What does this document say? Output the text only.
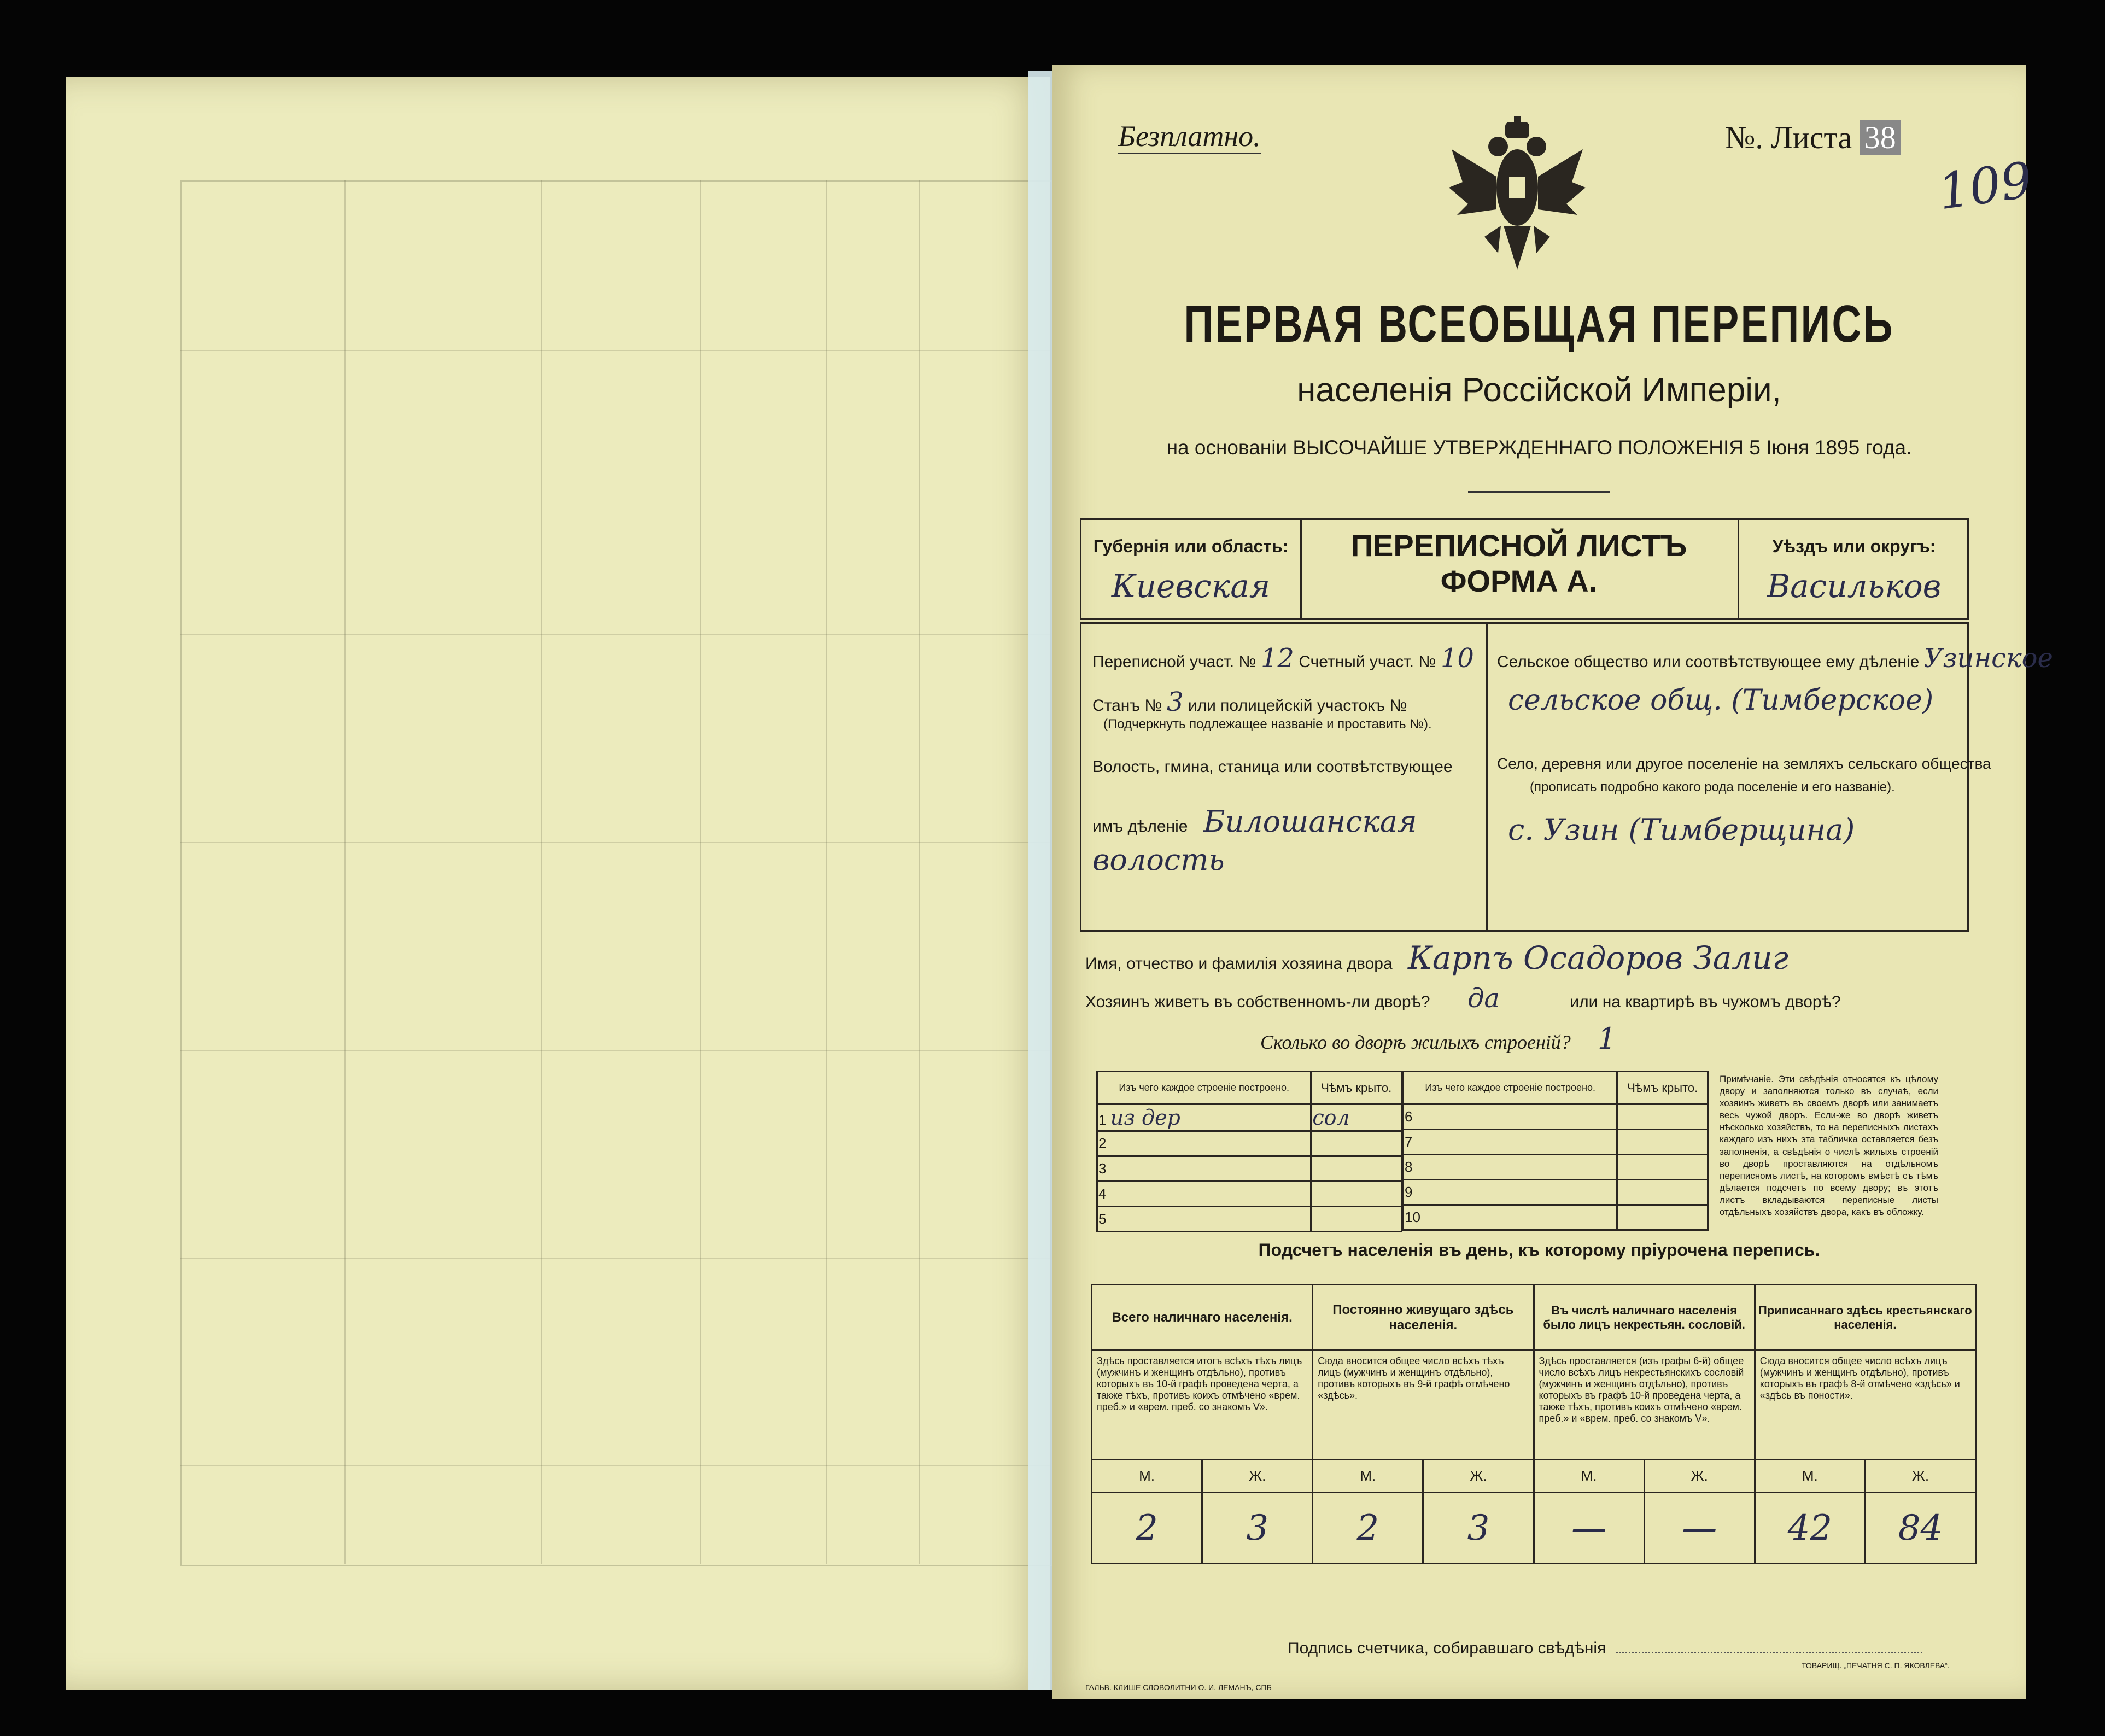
Безплатно.	№. Листа 38
109
ПЕРВАЯ ВСЕОБЩАЯ ПЕРЕПИСЬ
населенія Россійской Имперіи,
на основаніи ВЫСОЧАЙШЕ УТВЕРЖДЕННАГО ПОЛОЖЕНІЯ 5 Іюня 1895 года.
Губернія или область:
Киевская
ПЕРЕПИСНОЙ ЛИСТЪ
ФОРМА А.
Уѣздъ или округъ:
Васильков
Переписной участ. № 12 Счетный участ. № 10
Станъ № 3 или полицейскій участокъ №
(Подчеркнуть подлежащее названіе и проставить №).
Волость, гмина, станица или соотвѣтствующее
имъ дѣленіе Билошанская
волость
Сельское общество или соотвѣтствующее ему дѣленіе Узинское
сельское общ. (Тимберское)
Село, деревня или другое поселеніе на земляхъ сельскаго общества
(прописать подробно какого рода поселеніе и его названіе).
с. Узин (Тимберщина)
Имя, отчество и фамилія хозяина двора Карпъ Осадоров Залиг
Хозяинъ живетъ въ собственномъ-ли дворѣ? да	или на квартирѣ въ чужомъ дворѣ?
Сколько во дворѣ жилыхъ строеній? 1
Изъ чего каждое строеніе построено.	Чѣмъ крыто.
1 из дер	сол
2	
3	
4	
5	
Изъ чего каждое строеніе построено.	Чѣмъ крыто.
6	
7	
8	
9	
10	
Примѣчаніе. Эти свѣдѣнія относятся къ цѣлому двору и заполняются только въ случаѣ, если хозяинъ живетъ въ своемъ дворѣ или занимаетъ весь чужой дворъ. Если-же во дворѣ живетъ нѣсколько хозяйствъ, то на переписныхъ листахъ каждаго изъ нихъ эта табличка оставляется безъ заполненія, а свѣдѣнія о числѣ жилыхъ строеній во дворѣ проставляются на отдѣльномъ переписномъ листѣ, на которомъ вмѣстѣ съ тѣмъ дѣлается подсчетъ по всему двору; въ этотъ листъ вкладываются переписные листы отдѣльныхъ хозяйствъ двора, какъ въ обложку.
Подсчетъ населенія въ день, къ которому пріурочена перепись.
Всего наличнаго населенія.		Постоянно живущаго здѣсь населенія.		Въ числѣ наличнаго населенія было лицъ некрестьян. сословій.		Приписаннаго здѣсь крестьянскаго населенія.	
Здѣсь проставляется итогъ всѣхъ тѣхъ лицъ (мужчинъ и женщинъ отдѣльно), противъ которыхъ въ 10-й графѣ проведена черта, а также тѣхъ, противъ коихъ отмѣчено «врем. преб.» и «врем. преб. со знакомъ V».		Сюда вносится общее число всѣхъ тѣхъ лицъ (мужчинъ и женщинъ отдѣльно), противъ которыхъ въ 9-й графѣ отмѣчено «здѣсь».		Здѣсь проставляется (изъ графы 6-й) общее число всѣхъ лицъ некрестьянскихъ сословій (мужчинъ и женщинъ отдѣльно), противъ которыхъ въ графѣ 10-й проведена черта, а также тѣхъ, противъ коихъ отмѣчено «врем. преб.» и «врем. преб. со знакомъ V».		Сюда вносится общее число всѣхъ лицъ (мужчинъ и женщинъ отдѣльно), противъ которыхъ въ графѣ 8-й отмѣчено «здѣсь» и «здѣсь въ поности».	
М.	Ж.	М.	Ж.	М.	Ж.	М.	Ж.
2	3	2	3	—	—	42	84
Подпись счетчика, собиравшаго свѣдѣнія
ГАЛЬВ. КЛИШЕ СЛОВОЛИТНИ О. И. ЛЕМАНЪ, СПБ
ТОВАРИЩ. „ПЕЧАТНЯ С. П. ЯКОВЛЕВА“.
